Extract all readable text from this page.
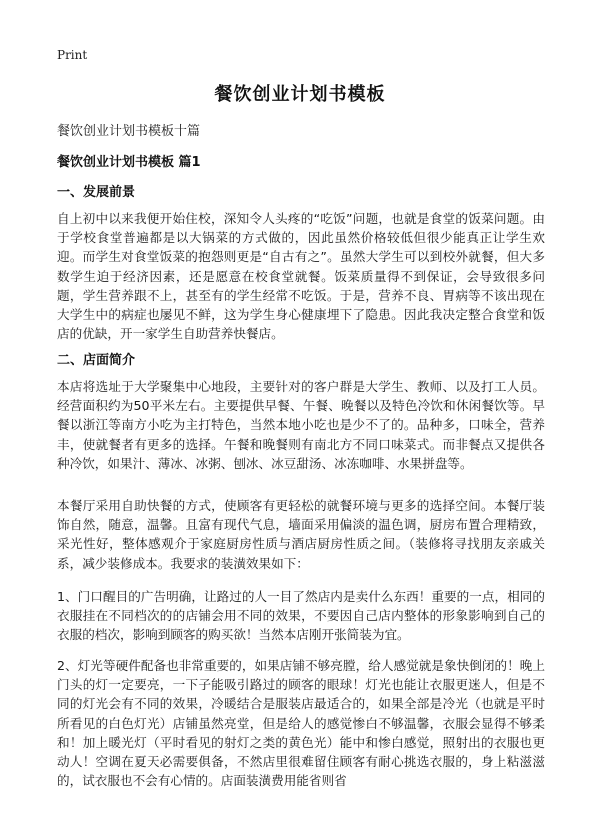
Print
餐饮创业计划书模板
餐饮创业计划书模板十篇
餐饮创业计划书模板 篇1
一、发展前景

自上初中以来我便开始住校，深知令人头疼的“吃饭”问题，也就是食堂的饭菜问题。由于学校食堂普遍都是以大锅菜的方式做的，因此虽然价格较低但很少能真正让学生欢迎。而学生对食堂饭菜的抱怨则更是“自古有之”。虽然大学生可以到校外就餐，但大多数学生迫于经济因素，还是愿意在校食堂就餐。饭菜质量得不到保证，会导致很多问题，学生营养跟不上，甚至有的学生经常不吃饭。于是，营养不良、胃病等不该出现在大学生中的病症也屡见不鲜，这为学生身心健康埋下了隐患。因此我决定整合食堂和饭店的优缺，开一家学生自助营养快餐店。

二、店面简介

本店将选址于大学聚集中心地段，主要针对的客户群是大学生、教师、以及打工人员。经营面积约为50平米左右。主要提供早餐、午餐、晚餐以及特色冷饮和休闲餐饮等。早餐以浙江等南方小吃为主打特色，当然本地小吃也是少不了的。品种多，口味全，营养丰，使就餐者有更多的选择。午餐和晚餐则有南北方不同口味菜式。而非餐点又提供各种冷饮，如果汁、薄冰、冰粥、刨冰、冰豆甜汤、冰冻咖啡、水果拼盘等。

本餐厅采用自助快餐的方式，使顾客有更轻松的就餐环境与更多的选择空间。本餐厅装饰自然，随意，温馨。且富有现代气息，墙面采用偏淡的温色调，厨房布置合理精致，采光性好，整体感观介于家庭厨房性质与酒店厨房性质之间。（装修将寻找朋友亲戚关系，减少装修成本。我要求的装潢效果如下：

1、门口醒目的广告明确，让路过的人一目了然店内是卖什么东西！重要的一点，相同的衣服挂在不同档次的的店铺会用不同的效果，不要因自己店内整体的形象影响到自己的衣服的档次，影响到顾客的购买欲！当然本店刚开张简装为宜。

2、灯光等硬件配备也非常重要的，如果店铺不够亮膛，给人感觉就是象快倒闭的！晚上门头的灯一定要亮，一下子能吸引路过的顾客的眼球！灯光也能让衣服更迷人，但是不同的灯光会有不同的效果，冷暖结合是服装店最适合的，如果全部是冷光（也就是平时所看见的白色灯光）店铺虽然亮堂，但是给人的感觉惨白不够温馨，衣服会显得不够柔和！加上暖光灯（平时看见的射灯之类的黄色光）能中和惨白感觉，照射出的衣服也更动人！空调在夏天必需要俱备，不然店里很难留住顾客有耐心挑选衣服的，身上粘滋滋的，试衣服也不会有心情的。店面装潢费用能省则省
